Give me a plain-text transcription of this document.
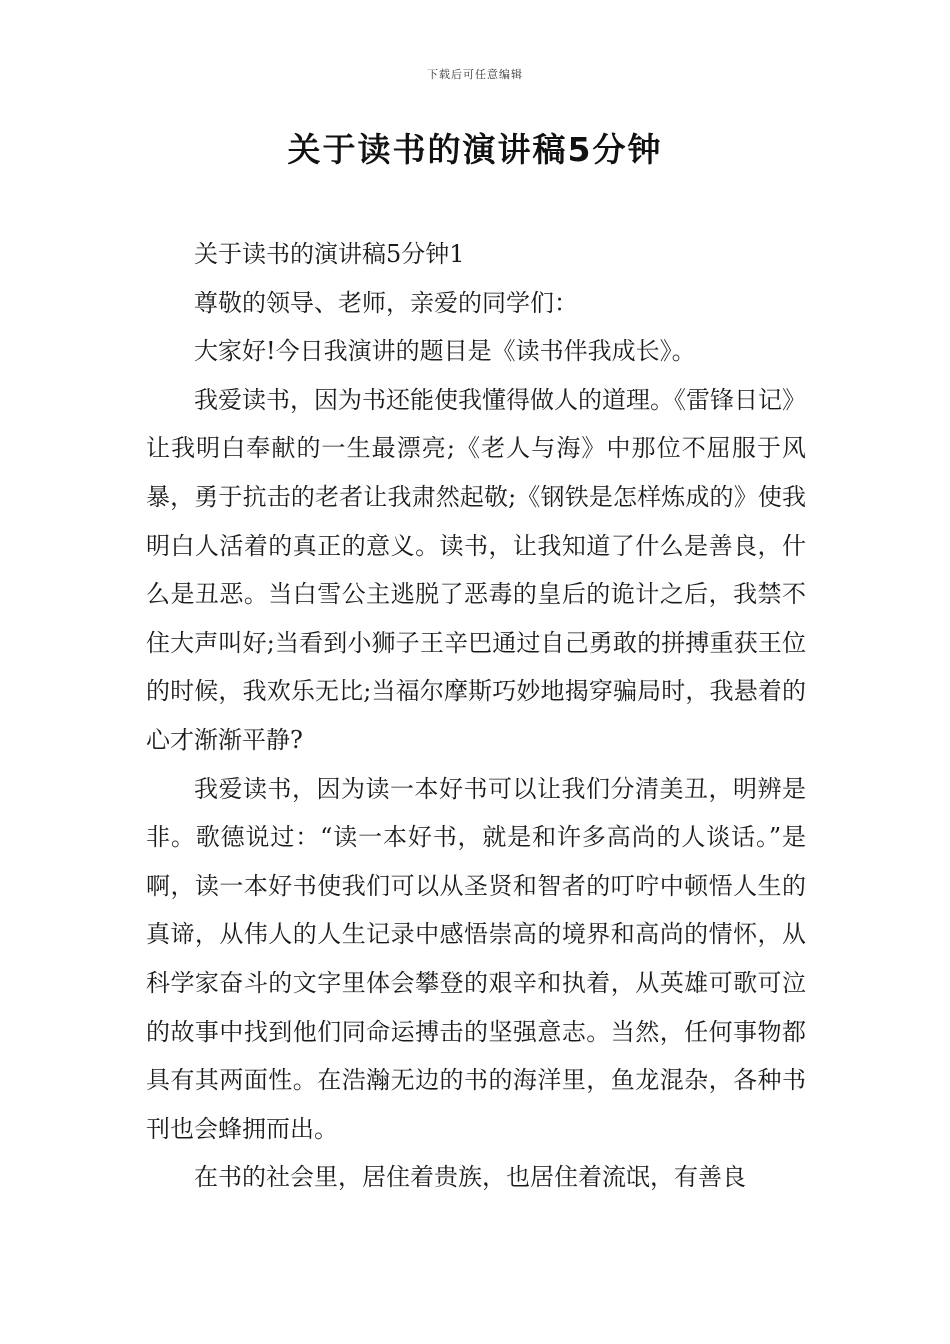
下载后可任意编辑
关于读书的演讲稿5分钟

关于读书的演讲稿5分钟1

尊敬的领导、老师，亲爱的同学们：

大家好!今日我演讲的题目是《读书伴我成长》。

我爱读书，因为书还能使我懂得做人的道理。《雷锋日记》让我明白奉献的一生最漂亮;《老人与海》中那位不屈服于风暴，勇于抗击的老者让我肃然起敬;《钢铁是怎样炼成的》使我明白人活着的真正的意义。读书，让我知道了什么是善良，什么是丑恶。当白雪公主逃脱了恶毒的皇后的诡计之后，我禁不住大声叫好;当看到小狮子王辛巴通过自己勇敢的拼搏重获王位的时候，我欢乐无比;当福尔摩斯巧妙地揭穿骗局时，我悬着的心才渐渐平静?

我爱读书，因为读一本好书可以让我们分清美丑，明辨是非。歌德说过：“读一本好书，就是和许多高尚的人谈话。”是啊，读一本好书使我们可以从圣贤和智者的叮咛中顿悟人生的真谛，从伟人的人生记录中感悟崇高的境界和高尚的情怀，从科学家奋斗的文字里体会攀登的艰辛和执着，从英雄可歌可泣的故事中找到他们同命运搏击的坚强意志。当然，任何事物都具有其两面性。在浩瀚无边的书的海洋里，鱼龙混杂，各种书刊也会蜂拥而出。

在书的社会里，居住着贵族，也居住着流氓，有善良
